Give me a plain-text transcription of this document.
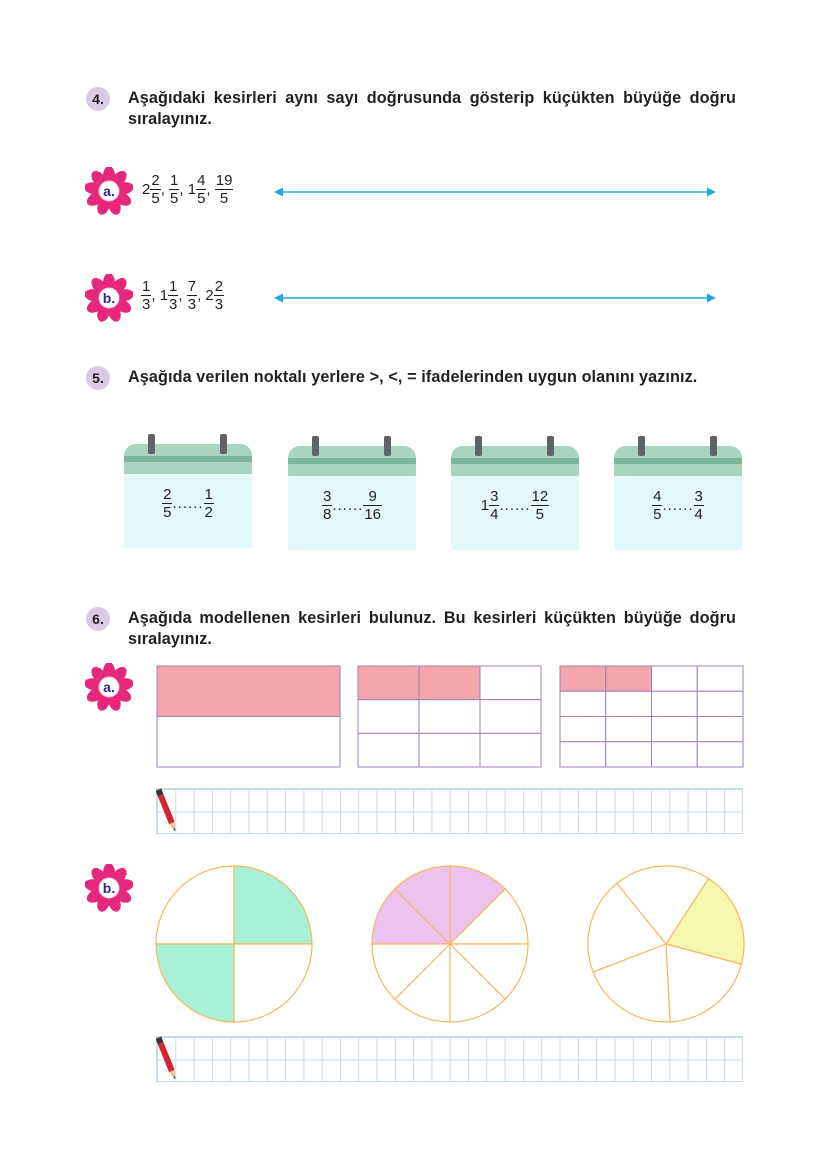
4.	Aşağıdaki kesirleri aynı sayı doğrusunda gösterip küçükten büyüğe doğru sıralayınız.
a.	$2 \frac{2}{5}$ , $\frac{1}{5}$ , $1 \frac{4}{5}$ , $\frac{19}{5}$
b.	$\frac{1}{3}$ , $1 \frac{1}{3}$ , $\frac{7}{3}$ , $2 \frac{2}{3}$
5.	Aşağıda verilen noktalı yerlere >, <, = ifadelerinden uygun olanını yazınız.
$\frac{2}{5}$ ...... $\frac{1}{2}$	$\frac{3}{8}$ ...... $\frac{9}{16}$	$1 \frac{3}{4}$ ...... $\frac{12}{5}$	$\frac{4}{5}$ ...... $\frac{3}{4}$
6.	Aşağıda modellenen kesirleri bulunuz. Bu kesirleri küçükten büyüğe doğru sıralayınız.
a.
b.
